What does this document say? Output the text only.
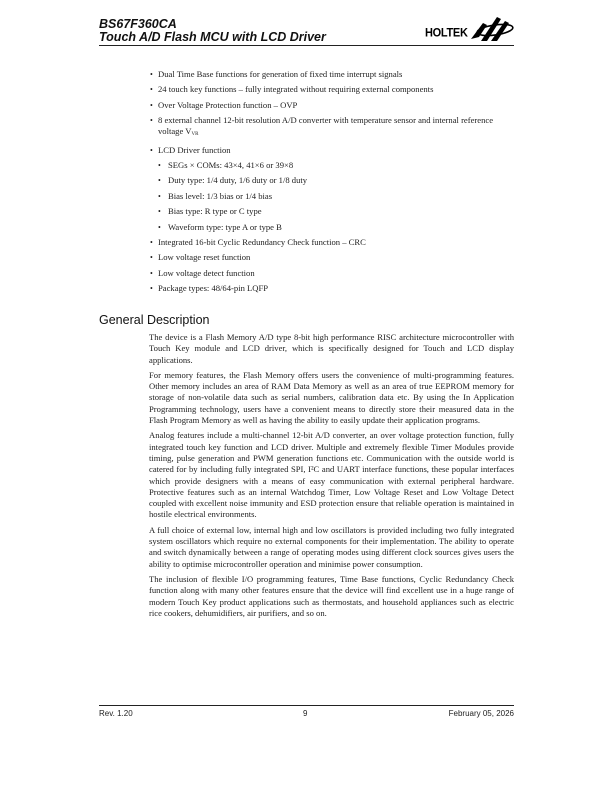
BS67F360CA
Touch A/D Flash MCU with LCD Driver	HOLTEK
• Dual Time Base functions for generation of fixed time interrupt signals
• 24 touch key functions – fully integrated without requiring external components
• Over Voltage Protection function – OVP
• 8 external channel 12-bit resolution A/D converter with temperature sensor and internal reference voltage VVR
• LCD Driver function
• SEGs × COMs: 43×4, 41×6 or 39×8
• Duty type: 1/4 duty, 1/6 duty or 1/8 duty
• Bias level: 1/3 bias or 1/4 bias
• Bias type: R type or C type
• Waveform type: type A or type B
• Integrated 16-bit Cyclic Redundancy Check function – CRC
• Low voltage reset function
• Low voltage detect function
• Package types: 48/64-pin LQFP
General Description

The device is a Flash Memory A/D type 8-bit high performance RISC architecture microcontroller with Touch Key module and LCD driver, which is specifically designed for Touch and LCD display applications.

For memory features, the Flash Memory offers users the convenience of multi-programming features. Other memory includes an area of RAM Data Memory as well as an area of true EEPROM memory for storage of non-volatile data such as serial numbers, calibration data etc. By using the In Application Programming technology, users have a convenient means to directly store their measured data in the Flash Program Memory as well as having the ability to easily update their application programs.

Analog features include a multi-channel 12-bit A/D converter, an over voltage protection function, fully integrated touch key function and LCD driver. Multiple and extremely flexible Timer Modules provide timing, pulse generation and PWM generation functions etc. Communication with the outside world is catered for by including fully integrated SPI, I²C and UART interface functions, these popular interfaces which provide designers with a means of easy communication with external peripheral hardware. Protective features such as an internal Watchdog Timer, Low Voltage Reset and Low Voltage Detect coupled with excellent noise immunity and ESD protection ensure that reliable operation is maintained in hostile electrical environments.

A full choice of external low, internal high and low oscillators is provided including two fully integrated system oscillators which require no external components for their implementation. The ability to operate and switch dynamically between a range of operating modes using different clock sources gives users the ability to optimise microcontroller operation and minimise power consumption.

The inclusion of flexible I/O programming features, Time Base functions, Cyclic Redundancy Check function along with many other features ensure that the device will find excellent use in a huge range of modern Touch Key product applications such as thermostats, and household appliances such as electric rice cookers, dehumidifiers, air purifiers, and so on.

Rev. 1.20	9	February 05, 2026
